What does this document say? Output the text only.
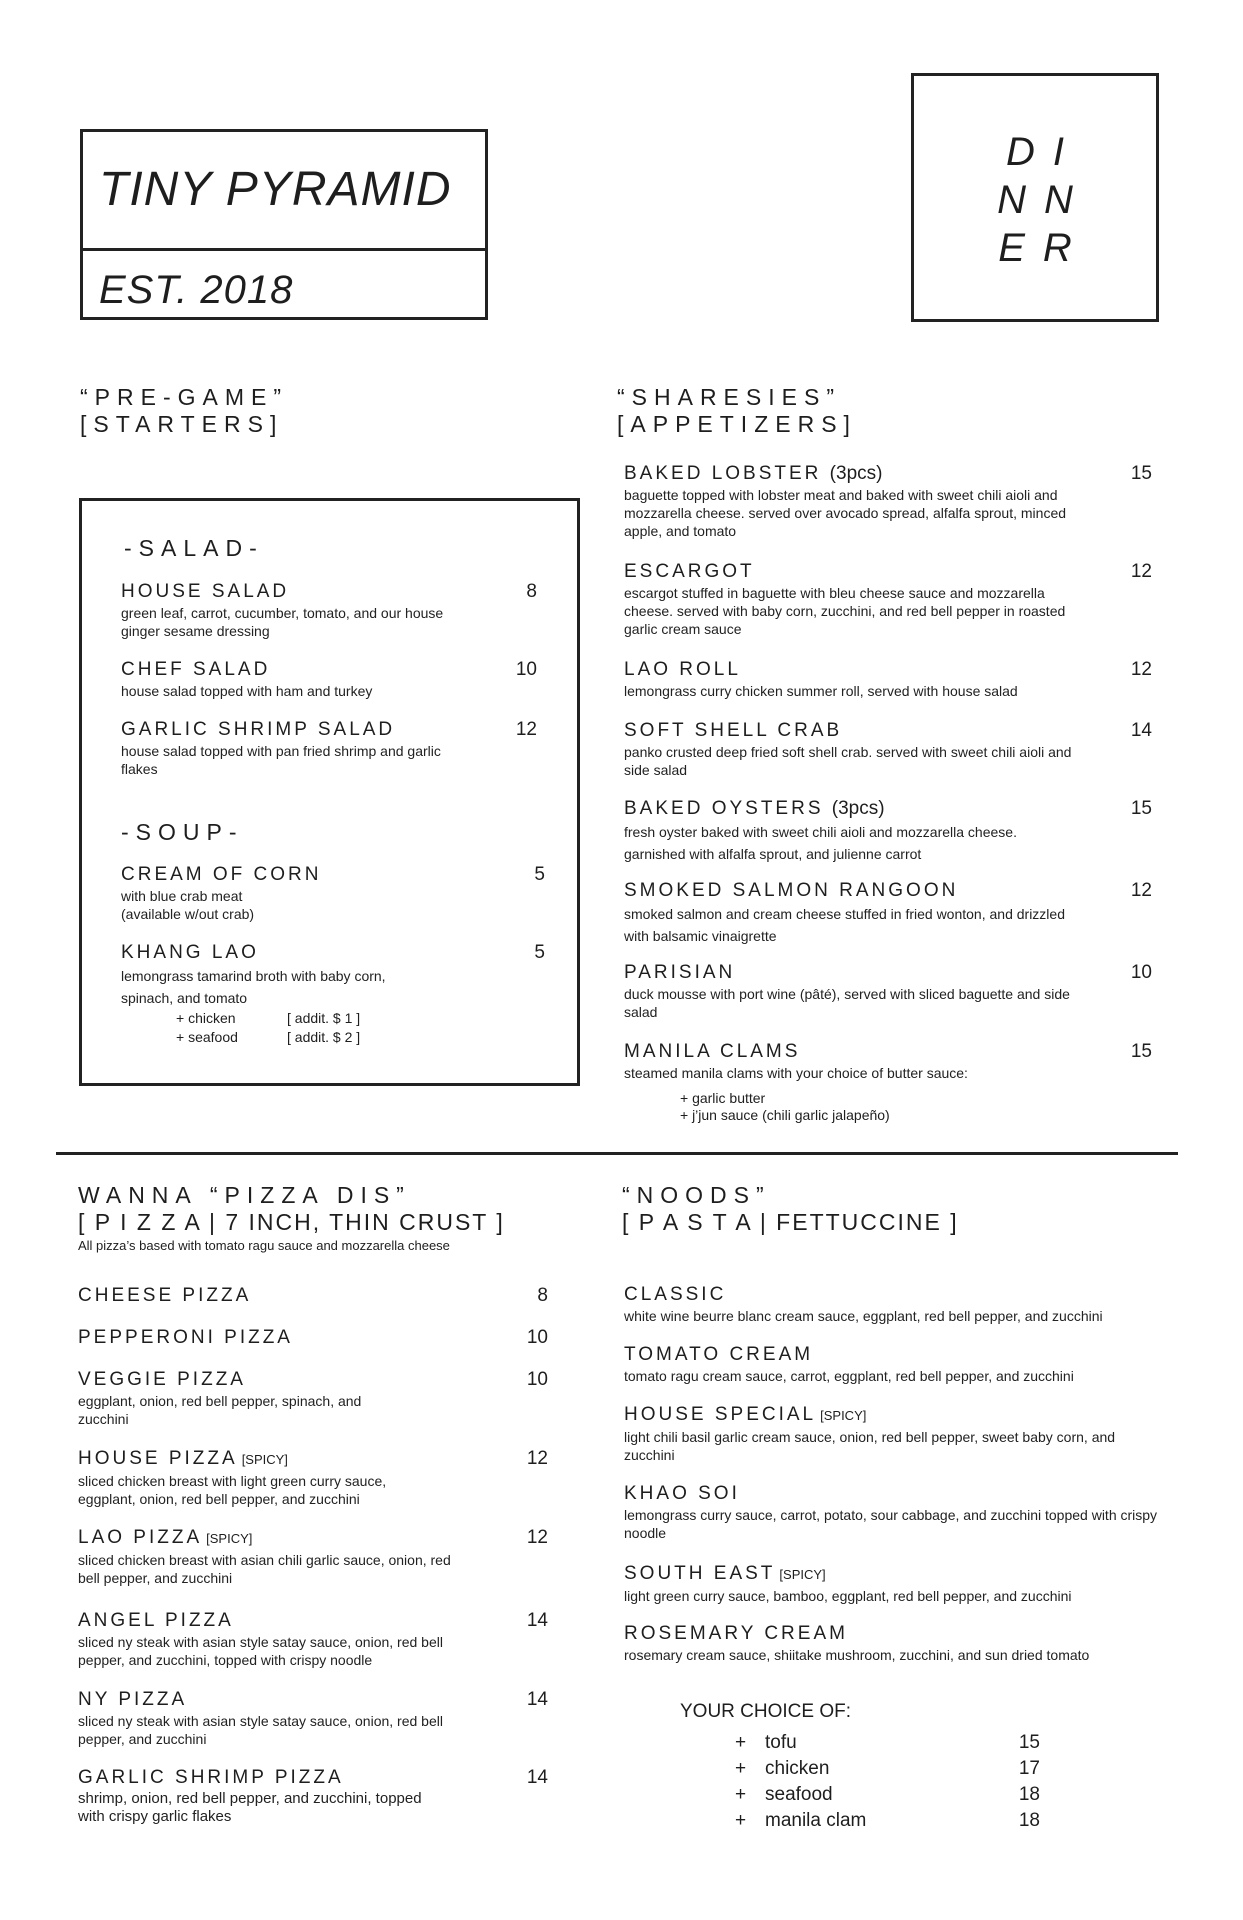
TINY PYRAMID
EST. 2018
DI
NN
ER
“PRE-GAME”
[STARTERS]
-SALAD-
HOUSE SALAD	8
green leaf, carrot, cucumber, tomato, and our house ginger sesame dressing
CHEF SALAD	10
house salad topped with ham and turkey
GARLIC SHRIMP SALAD	12
house salad topped with pan fried shrimp and garlic flakes
-SOUP-
CREAM OF CORN	5
with blue crab meat (available w/out crab)
KHANG LAO	5
lemongrass tamarind broth with baby corn, spinach, and tomato
+ chicken	[ addit. $ 1 ]
+ seafood	[ addit. $ 2 ]
“SHARESIES”
[APPETIZERS]
BAKED LOBSTER (3pcs)	15
baguette topped with lobster meat and baked with sweet chili aioli and mozzarella cheese. served over avocado spread, alfalfa sprout, minced apple, and tomato
ESCARGOT	12
escargot stuffed in baguette with bleu cheese sauce and mozzarella cheese. served with baby corn, zucchini, and red bell pepper in roasted garlic cream sauce
LAO ROLL	12
lemongrass curry chicken summer roll, served with house salad
SOFT SHELL CRAB	14
panko crusted deep fried soft shell crab. served with sweet chili aioli and side salad
BAKED OYSTERS (3pcs)	15
fresh oyster baked with sweet chili aioli and mozzarella cheese. garnished with alfalfa sprout, and julienne carrot
SMOKED SALMON RANGOON	12
smoked salmon and cream cheese stuffed in fried wonton, and drizzled with balsamic vinaigrette
PARISIAN	10
duck mousse with port wine (pâté), served with sliced baguette and side salad
MANILA CLAMS	15
steamed manila clams with your choice of butter sauce:
+ garlic butter
+ j’jun sauce (chili garlic jalapeño)
WANNA “PIZZA DIS”
[ P I Z Z A | 7 INCH, THIN CRUST ]
All pizza’s based with tomato ragu sauce and mozzarella cheese
CHEESE PIZZA	8
PEPPERONI PIZZA	10
VEGGIE PIZZA	10
eggplant, onion, red bell pepper, spinach, and zucchini
HOUSE PIZZA [SPICY]	12
sliced chicken breast with light green curry sauce, eggplant, onion, red bell pepper, and zucchini
LAO PIZZA [SPICY]	12
sliced chicken breast with asian chili garlic sauce, onion, red bell pepper, and zucchini
ANGEL PIZZA	14
sliced ny steak with asian style satay sauce, onion, red bell pepper, and zucchini, topped with crispy noodle
NY PIZZA	14
sliced ny steak with asian style satay sauce, onion, red bell pepper, and zucchini
GARLIC SHRIMP PIZZA	14
shrimp, onion, red bell pepper, and zucchini, topped with crispy garlic flakes
“NOODS”
[ P A S T A | FETTUCCINE ]
CLASSIC
white wine beurre blanc cream sauce, eggplant, red bell pepper, and zucchini
TOMATO CREAM
tomato ragu cream sauce, carrot, eggplant, red bell pepper, and zucchini
HOUSE SPECIAL [SPICY]
light chili basil garlic cream sauce, onion, red bell pepper, sweet baby corn, and zucchini
KHAO SOI
lemongrass curry sauce, carrot, potato, sour cabbage, and zucchini topped with crispy noodle
SOUTH EAST [SPICY]
light green curry sauce, bamboo, eggplant, red bell pepper, and zucchini
ROSEMARY CREAM
rosemary cream sauce, shiitake mushroom, zucchini, and sun dried tomato
YOUR CHOICE OF:
+ tofu	15
+ chicken	17
+ seafood	18
+ manila clam	18
